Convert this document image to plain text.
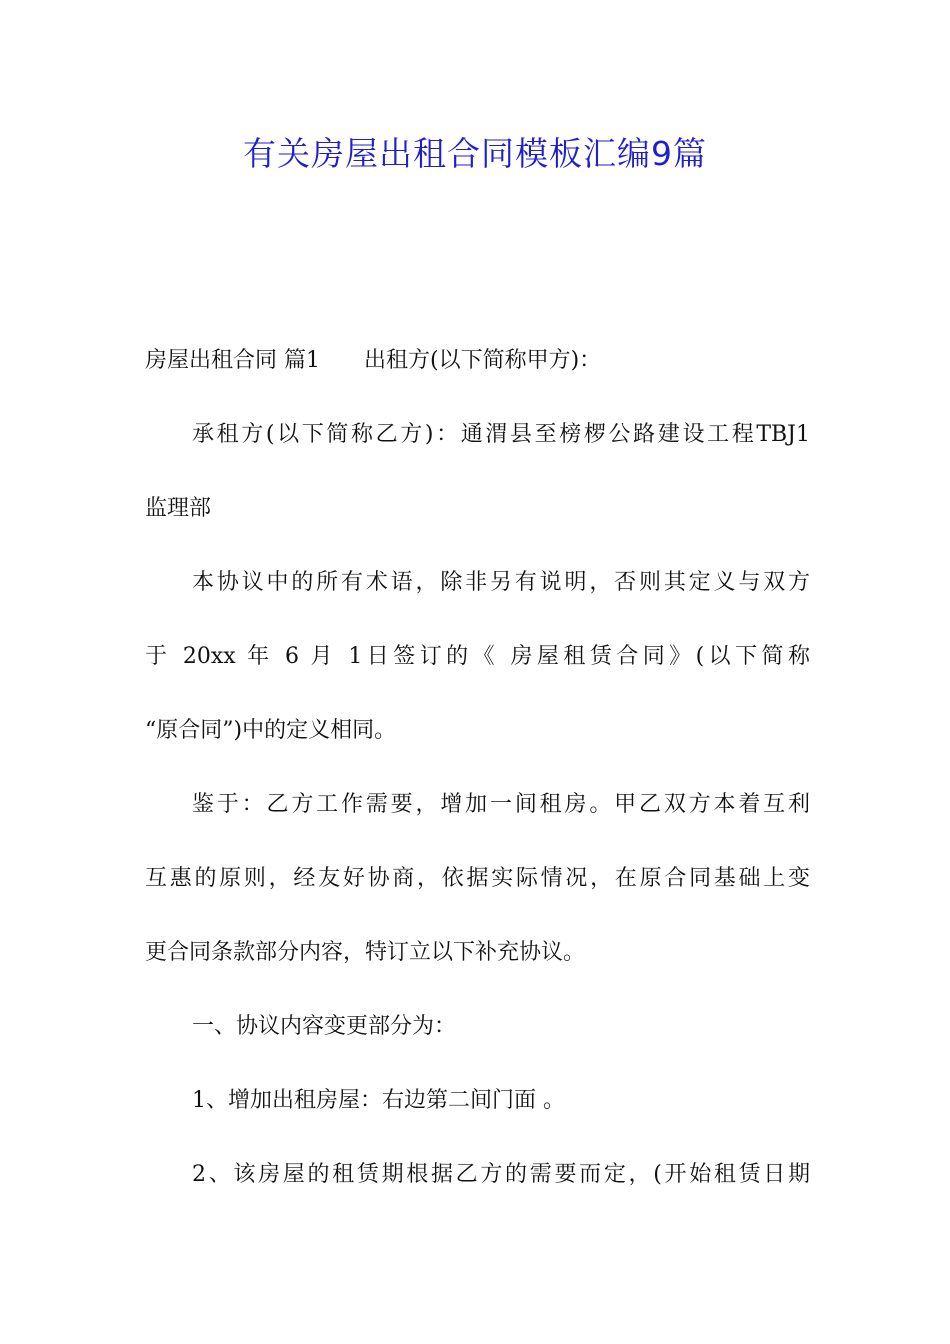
有关房屋出租合同模板汇编9篇
房屋出租合同 篇1 出租方(以下简称甲方)：
承租方(以下简称乙方)：通渭县至榜椤公路建设工程TBJ1
监理部
本协议中的所有术语，除非另有说明，否则其定义与双方
于 20xx 年 6 月 1日签订的《 房屋租赁合同》(以下简称
“原合同”)中的定义相同。
鉴于：乙方工作需要，增加一间租房。甲乙双方本着互利
互惠的原则，经友好协商，依据实际情况，在原合同基础上变
更合同条款部分内容，特订立以下补充协议。
一、协议内容变更部分为：
1、增加出租房屋：右边第二间门面 。
2、该房屋的租赁期根据乙方的需要而定，(开始租赁日期
